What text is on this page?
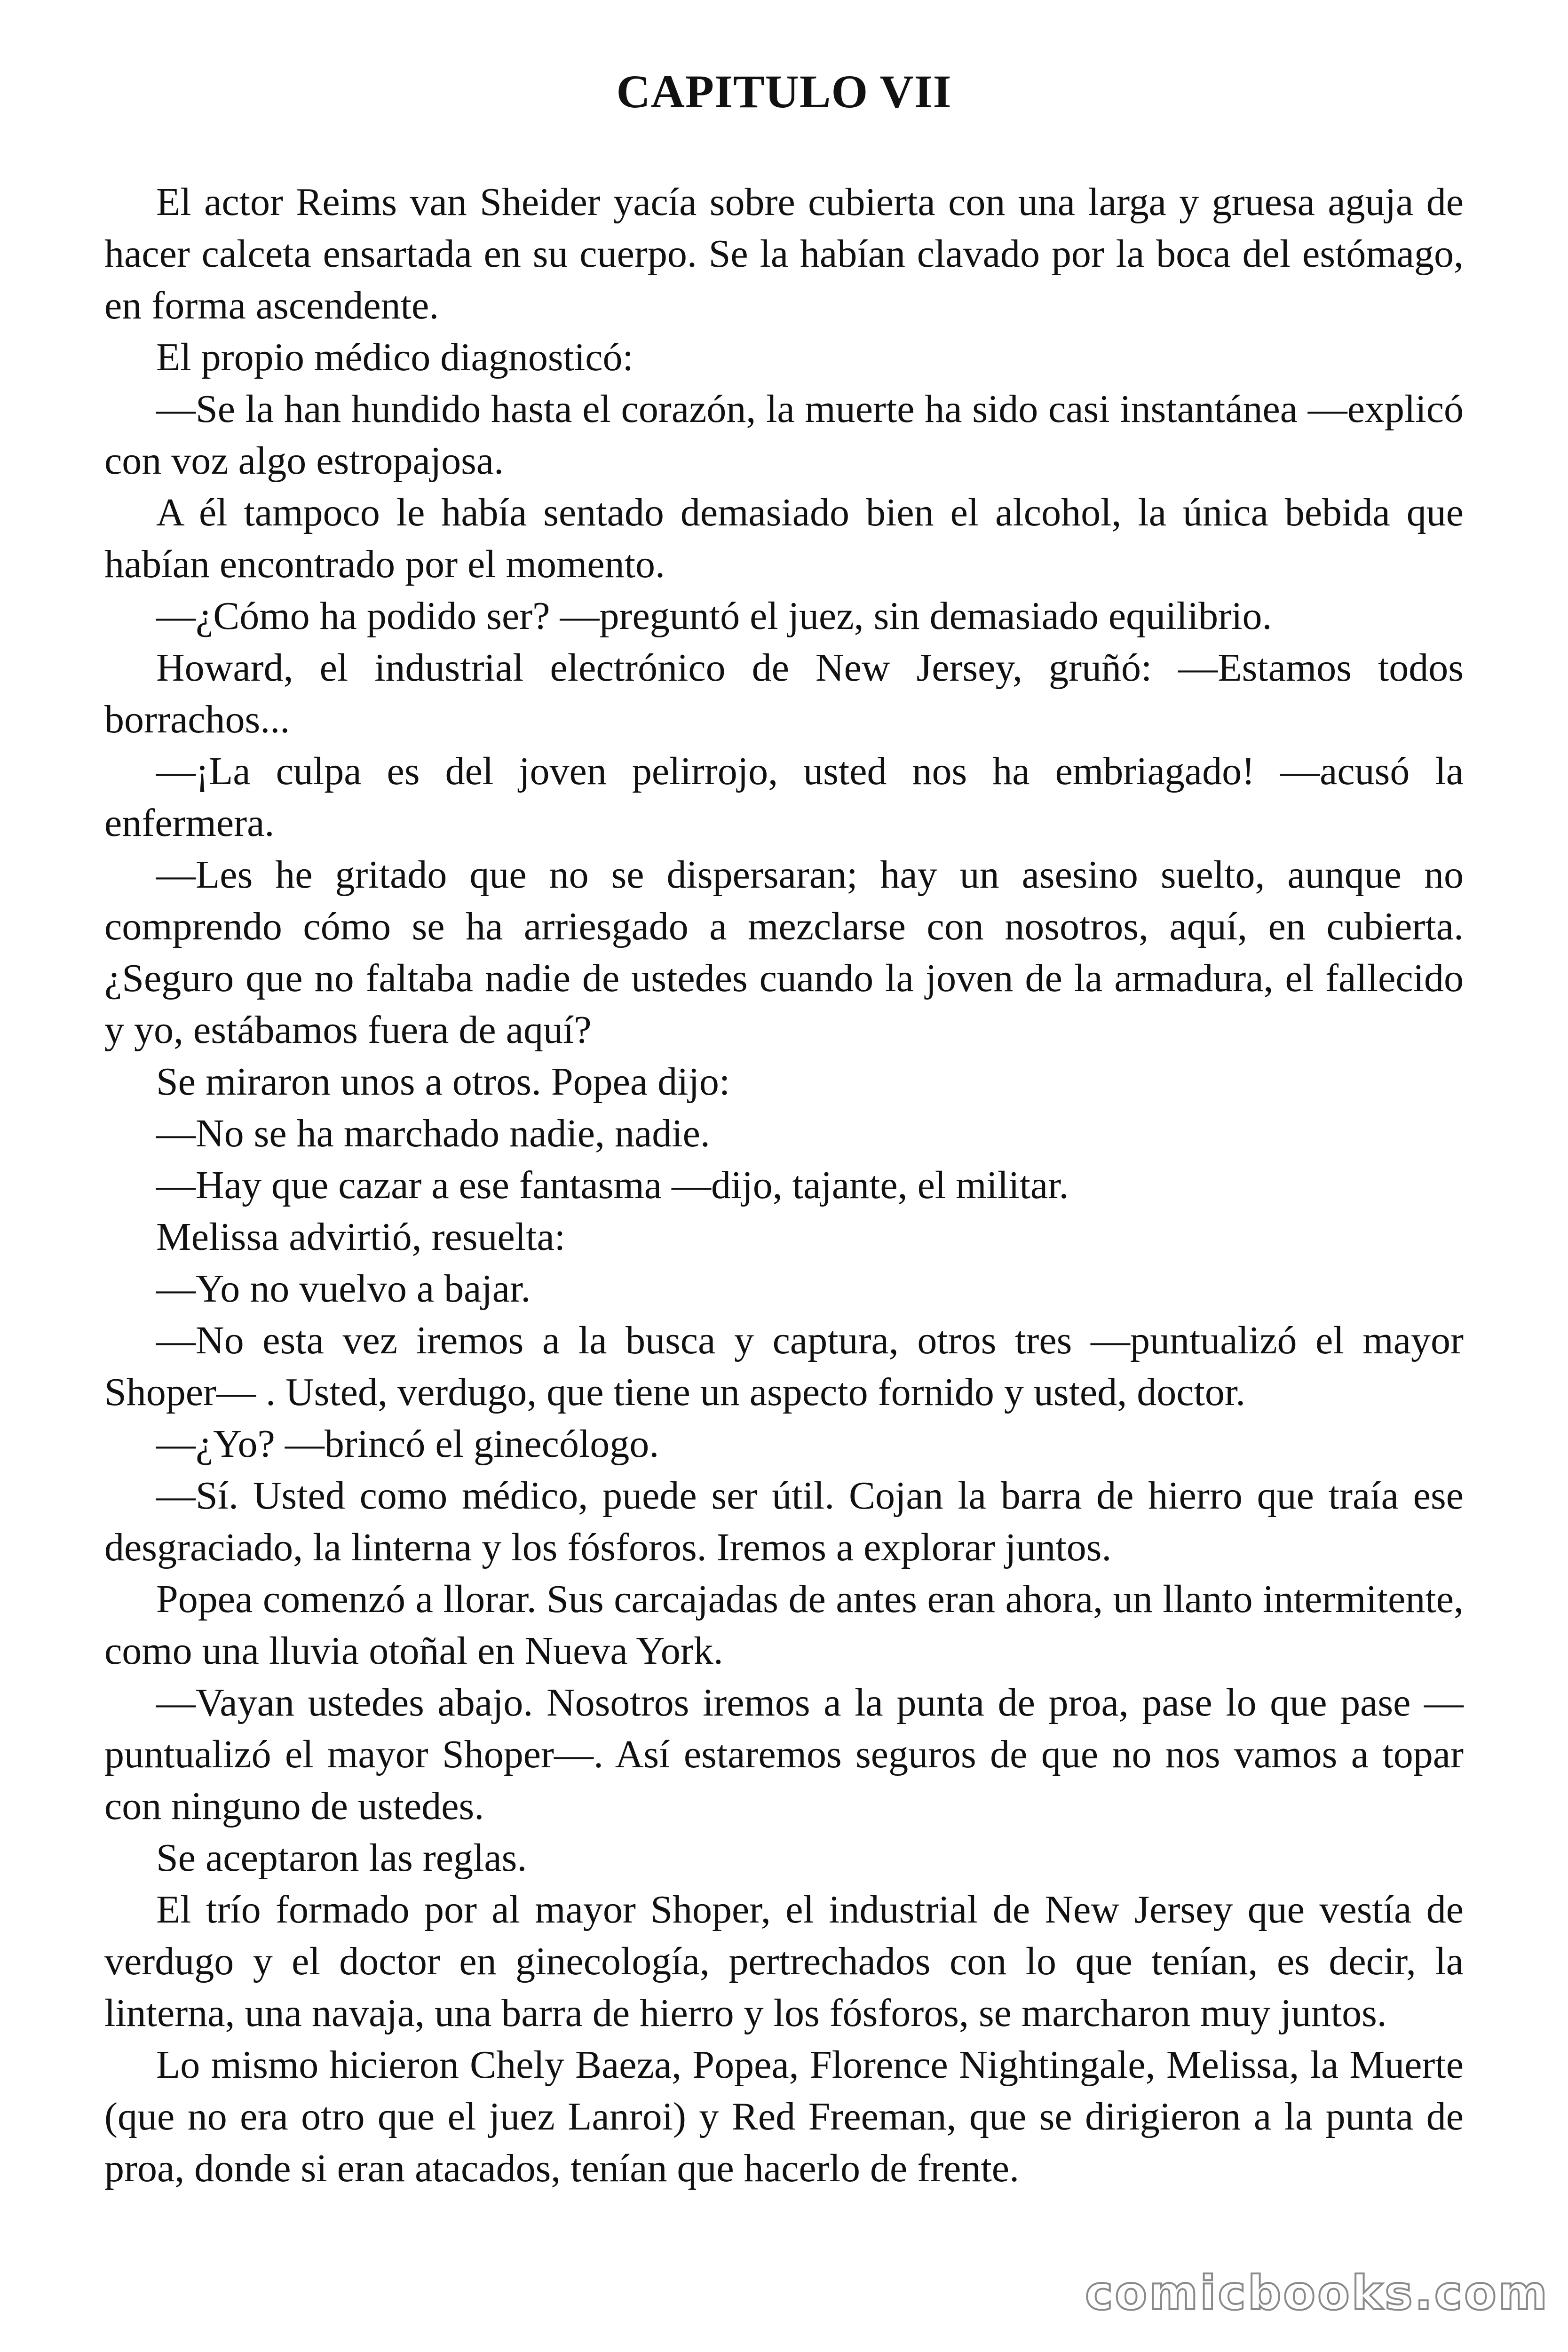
CAPITULO VII

El actor Reims van Sheider yacía sobre cubierta con una larga y gruesa aguja de hacer calceta ensartada en su cuerpo. Se la habían clavado por la boca del estómago, en forma ascendente.

El propio médico diagnosticó:

—Se la han hundido hasta el corazón, la muerte ha sido casi instantánea —explicó con voz algo estropajosa.

A él tampoco le había sentado demasiado bien el alcohol, la única bebida que habían encontrado por el momento.

—¿Cómo ha podido ser? —preguntó el juez, sin demasiado equilibrio.

Howard, el industrial electrónico de New Jersey, gruñó: —Estamos todos borrachos...

—¡La culpa es del joven pelirrojo, usted nos ha embriagado! —acusó la enfermera.

—Les he gritado que no se dispersaran; hay un asesino suelto, aunque no comprendo cómo se ha arriesgado a mezclarse con nosotros, aquí, en cubierta. ¿Seguro que no faltaba nadie de ustedes cuando la joven de la armadura, el fallecido y yo, estábamos fuera de aquí?

Se miraron unos a otros. Popea dijo:

—No se ha marchado nadie, nadie.

—Hay que cazar a ese fantasma —dijo, tajante, el militar.

Melissa advirtió, resuelta:

—Yo no vuelvo a bajar.

—No esta vez iremos a la busca y captura, otros tres —puntualizó el mayor Shoper— . Usted, verdugo, que tiene un aspecto fornido y usted, doctor.

—¿Yo? —brincó el ginecólogo.

—Sí. Usted como médico, puede ser útil. Cojan la barra de hierro que traía ese desgraciado, la linterna y los fósforos. Iremos a explorar juntos.

Popea comenzó a llorar. Sus carcajadas de antes eran ahora, un llanto intermitente, como una lluvia otoñal en Nueva York.

—Vayan ustedes abajo. Nosotros iremos a la punta de proa, pase lo que pase — puntualizó el mayor Shoper—. Así estaremos seguros de que no nos vamos a topar con ninguno de ustedes.

Se aceptaron las reglas.

El trío formado por al mayor Shoper, el industrial de New Jersey que vestía de verdugo y el doctor en ginecología, pertrechados con lo que tenían, es decir, la linterna, una navaja, una barra de hierro y los fósforos, se marcharon muy juntos.

Lo mismo hicieron Chely Baeza, Popea, Florence Nightingale, Melissa, la Muerte (que no era otro que el juez Lanroi) y Red Freeman, que se dirigieron a la punta de proa, donde si eran atacados, tenían que hacerlo de frente.

comicbooks.com
